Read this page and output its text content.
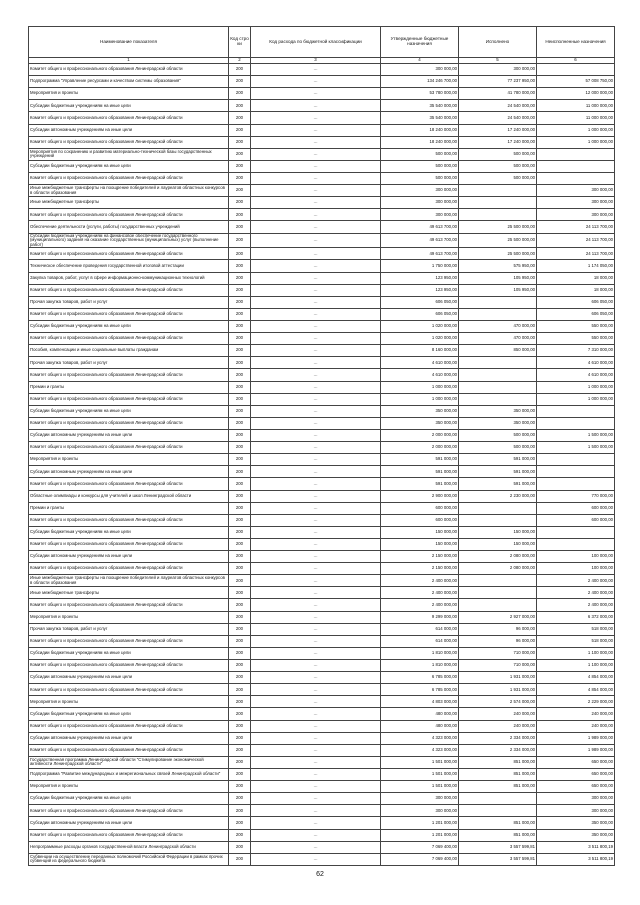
Наименование показателя	Код стро ки	Код расхода по бюджетной классификации	Утвержденные бюджетные назначения	Исполнено	Неисполненные назначения
1	2	3	4	5	6
Комитет общего и профессионального образования Ленинградской области	200	…	300 000,00	300 000,00	
Подпрограмма "Управление ресурсами и качеством системы образования"	200	…	134 246 700,00	77 237 950,00	57 008 750,00
Мероприятия и проекты	200	…	53 780 000,00	41 780 000,00	12 000 000,00
Субсидии бюджетным учреждениям на иные цели	200	…	35 540 000,00	24 540 000,00	11 000 000,00
Комитет общего и профессионального образования Ленинградской области	200	…	35 540 000,00	24 540 000,00	11 000 000,00
Субсидии автономным учреждениям на иные цели	200	…	18 240 000,00	17 240 000,00	1 000 000,00
Комитет общего и профессионального образования Ленинградской области	200	…	18 240 000,00	17 240 000,00	1 000 000,00
Мероприятия по сохранению и развитию материально-технической базы государственных учреждений	200	…	500 000,00	500 000,00	
Субсидии бюджетным учреждениям на иные цели	200	…	500 000,00	500 000,00	
Комитет общего и профессионального образования Ленинградской области	200	…	500 000,00	500 000,00	
Иные межбюджетные трансферты на поощрение победителей и лауреатов областных конкурсов в области образования	200	…	300 000,00		300 000,00
Иные межбюджетные трансферты	200	…	300 000,00		300 000,00
Комитет общего и профессионального образования Ленинградской области	200	…	300 000,00		300 000,00
Обеспечение деятельности (услуги, работы) государственных учреждений	200	…	49 613 700,00	25 500 000,00	24 113 700,00
Субсидии бюджетным учреждениям на финансовое обеспечение государственного (муниципального) задания на оказание государственных (муниципальных) услуг (выполнение работ)	200	…	49 613 700,00	25 500 000,00	24 113 700,00
Комитет общего и профессионального образования Ленинградской области	200	…	49 613 700,00	25 500 000,00	24 113 700,00
Техническое обеспечение проведения государственной итоговой аттестации	200	…	1 750 000,00	575 950,00	1 174 050,00
Закупка товаров, работ, услуг в сфере информационно-коммуникационных технологий	200	…	123 950,00	105 950,00	18 000,00
Комитет общего и профессионального образования Ленинградской области	200	…	123 950,00	105 950,00	18 000,00
Прочая закупка товаров, работ и услуг	200	…	606 050,00		606 050,00
Комитет общего и профессионального образования Ленинградской области	200	…	606 050,00		606 050,00
Субсидии бюджетным учреждениям на иные цели	200	…	1 020 000,00	470 000,00	550 000,00
Комитет общего и профессионального образования Ленинградской области	200	…	1 020 000,00	470 000,00	550 000,00
Пособия, компенсации и иные социальные выплаты гражданам	200	…	8 160 000,00	850 000,00	7 310 000,00
Прочая закупка товаров, работ и услуг	200	…	4 610 000,00		4 610 000,00
Комитет общего и профессионального образования Ленинградской области	200	…	4 610 000,00		4 610 000,00
Премии и гранты	200	…	1 000 000,00		1 000 000,00
Комитет общего и профессионального образования Ленинградской области	200	…	1 000 000,00		1 000 000,00
Субсидии бюджетным учреждениям на иные цели	200	…	350 000,00	350 000,00	
Комитет общего и профессионального образования Ленинградской области	200	…	350 000,00	350 000,00	
Субсидии автономным учреждениям на иные цели	200	…	2 000 000,00	500 000,00	1 500 000,00
Комитет общего и профессионального образования Ленинградской области	200	…	2 000 000,00	500 000,00	1 500 000,00
Мероприятия и проекты	200	…	591 000,00	591 000,00	
Субсидии автономным учреждениям на иные цели	200	…	591 000,00	591 000,00	
Комитет общего и профессионального образования Ленинградской области	200	…	591 000,00	591 000,00	
Областные олимпиады и конкурсы для учителей и школ Ленинградской области	200	…	2 900 000,00	2 230 000,00	770 000,00
Премии и гранты	200	…	600 000,00		600 000,00
Комитет общего и профессионального образования Ленинградской области	200	…	600 000,00		600 000,00
Субсидии бюджетным учреждениям на иные цели	200	…	150 000,00	150 000,00	
Комитет общего и профессионального образования Ленинградской области	200	…	150 000,00	150 000,00	
Субсидии автономным учреждениям на иные цели	200	…	2 150 000,00	2 080 000,00	100 000,00
Комитет общего и профессионального образования Ленинградской области	200	…	2 150 000,00	2 080 000,00	100 000,00
Иные межбюджетные трансферты на поощрение победителей и лауреатов областных конкурсов в области образования	200	…	2 400 000,00		2 400 000,00
Иные межбюджетные трансферты	200	…	2 400 000,00		2 400 000,00
Комитет общего и профессионального образования Ленинградской области	200	…	2 400 000,00		2 400 000,00
Мероприятия и проекты	200	…	9 299 000,00	2 927 000,00	6 372 000,00
Прочая закупка товаров, работ и услуг	200	…	614 000,00	96 000,00	518 000,00
Комитет общего и профессионального образования Ленинградской области	200	…	614 000,00	96 000,00	518 000,00
Субсидии бюджетным учреждениям на иные цели	200	…	1 810 000,00	710 000,00	1 100 000,00
Комитет общего и профессионального образования Ленинградской области	200	…	1 810 000,00	710 000,00	1 100 000,00
Субсидии автономным учреждениям на иные цели	200	…	6 785 000,00	1 931 000,00	4 854 000,00
Комитет общего и профессионального образования Ленинградской области	200	…	6 785 000,00	1 931 000,00	4 854 000,00
Мероприятия и проекты	200	…	4 803 000,00	2 574 000,00	2 229 000,00
Субсидии бюджетным учреждениям на иные цели	200	…	480 000,00	240 000,00	240 000,00
Комитет общего и профессионального образования Ленинградской области	200	…	480 000,00	240 000,00	240 000,00
Субсидии автономным учреждениям на иные цели	200	…	4 323 000,00	2 334 000,00	1 989 000,00
Комитет общего и профессионального образования Ленинградской области	200	…	4 323 000,00	2 334 000,00	1 989 000,00
Государственная программа Ленинградской области "Стимулирование экономической активности Ленинградской области"	200	…	1 501 000,00	851 000,00	650 000,00
Подпрограмма "Развитие международных и межрегиональных связей Ленинградской области"	200	…	1 501 000,00	851 000,00	650 000,00
Мероприятия и проекты	200	…	1 501 000,00	851 000,00	650 000,00
Субсидии бюджетным учреждениям на иные цели	200	…	300 000,00		300 000,00
Комитет общего и профессионального образования Ленинградской области	200	…	300 000,00		300 000,00
Субсидии автономным учреждениям на иные цели	200	…	1 201 000,00	851 000,00	350 000,00
Комитет общего и профессионального образования Ленинградской области	200	…	1 201 000,00	851 000,00	350 000,00
Непрограммные расходы органов государственной власти Ленинградской области	200	…	7 069 400,00	3 557 599,81	3 511 800,19
Субвенции на осуществление переданных полномочий Российской Федерации в рамках прочих субвенций из федерального бюджета	200	…	7 069 400,00	3 557 599,81	3 511 800,19
62
